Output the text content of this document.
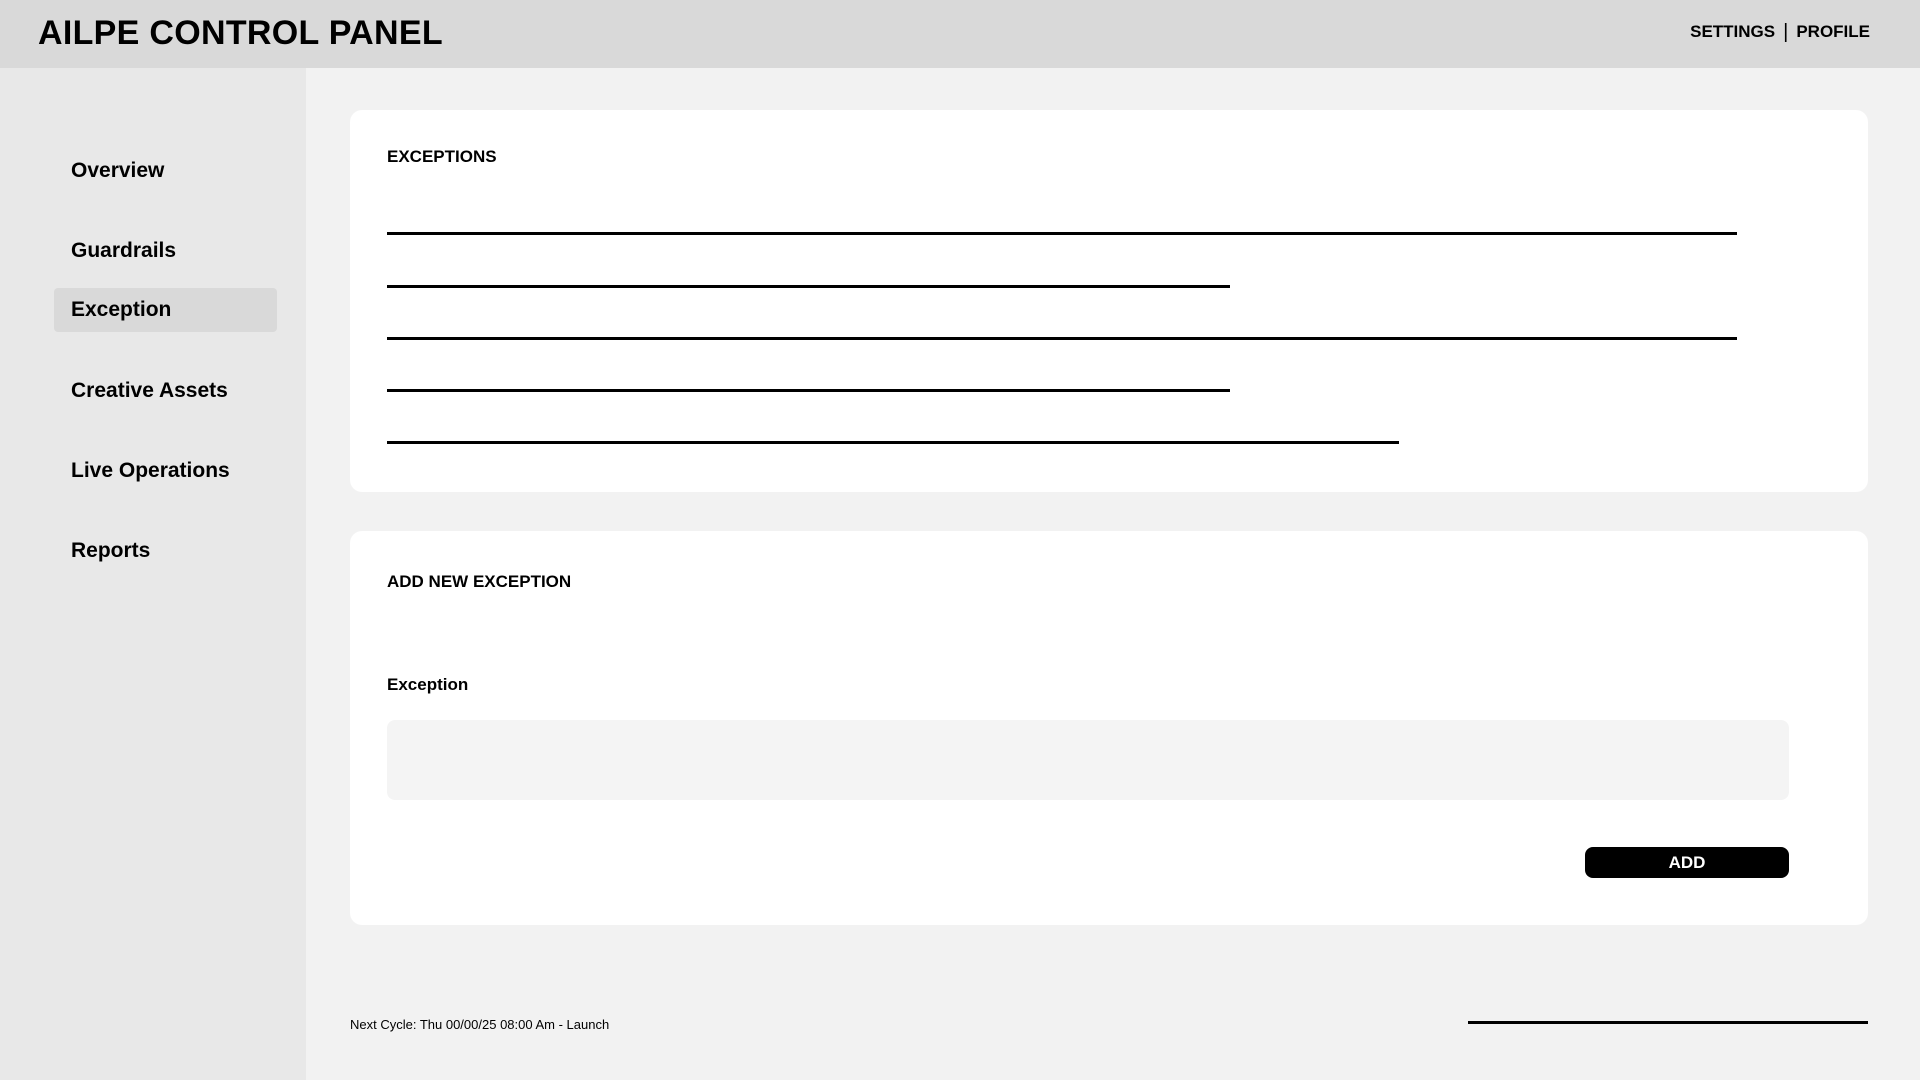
AILPE CONTROL PANEL	SETTINGS | PROFILE
Overview
Guardrails
Exception
Creative Assets
Live Operations
Reports
EXCEPTIONS
ADD NEW EXCEPTION
Exception
ADD
Next Cycle: Thu 00/00/25 08:00 Am - Launch
